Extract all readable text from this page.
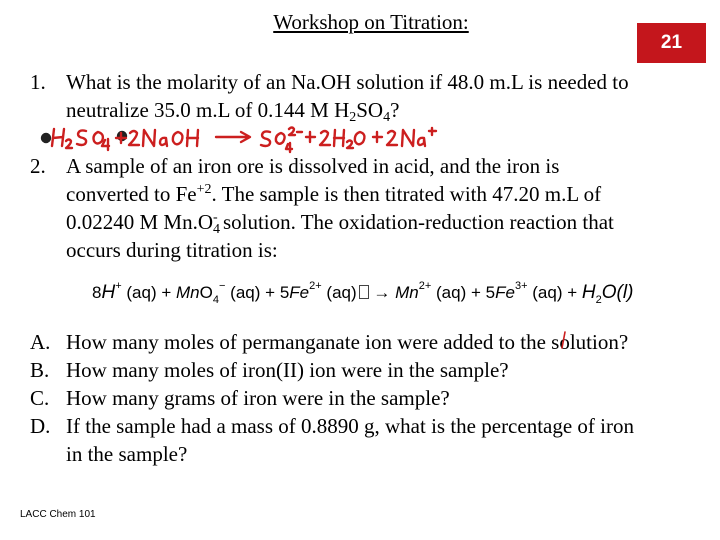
Workshop on Titration:
21
1. What is the molarity of an Na.OH solution if 48.0 m.L is needed to
neutralize 35.0 m.L of 0.144 M $H_2SO_4$?
2. A sample of an iron ore is dissolved in acid, and the iron is
converted to $Fe^{+2}$. The sample is then titrated with 47.20 m.L of
0.02240 M $Mn.O_4^-$ solution. The oxidation-reduction reaction that
occurs during titration is:
8H+ (aq) + MnO$_4$− $(aq) + 5Fe^{2+}$ $(aq) \to Mn^{2+}$ $(aq) + 5Fe^{3+}$ $(aq) + H_2O(l)$
A. How many moles of permanganate ion were added to the solution?
B. How many moles of iron(II) ion were in the sample?
C. How many grams of iron were in the sample?
D. If the sample had a mass of 0.8890 g, what is the percentage of iron
in the sample?
LACC Chem 101
